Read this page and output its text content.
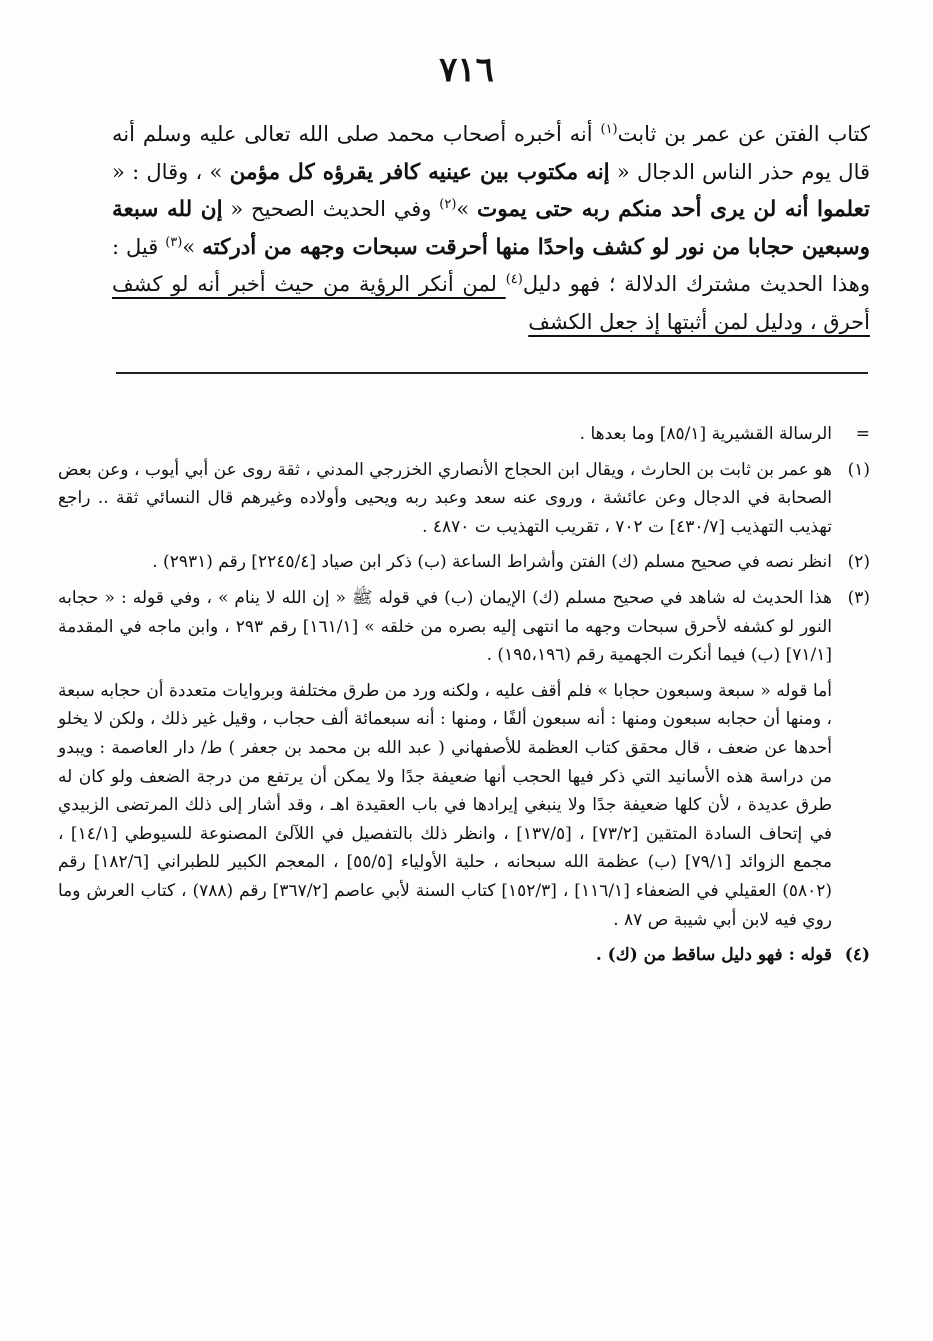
٧١٦

كتاب الفتن عن عمر بن ثابت$^{(١)}$ أنه أخبره أصحاب محمد صلى الله تعالى عليه وسلم أنه قال يوم حذر الناس الدجال « إنه مكتوب بين عينيه كافر يقرؤه كل مؤمن » ، وقال : « تعلموا أنه لن يرى أحد منكم ربه حتى يموت »$^{(٢)}$ وفي الحديث الصحيح « إن لله سبعة وسبعين حجابا من نور لو كشف واحدًا منها أحرقت سبحات وجهه من أدركته »$^{(٣)}$ قيل : وهذا الحديث مشترك الدلالة ؛ فهو دليل$^{(٤)}$ لمن أنكر الرؤية من حيث أخبر أنه لو كشف أحرق ، ودليل لمن أثبتها إذ جعل الكشف

=
الرسالة القشيرية [٨٥/١] وما بعدها .
(١)
هو عمر بن ثابت بن الحارث ، ويقال ابن الحجاج الأنصاري الخزرجي المدني ، ثقة روى عن أبي أيوب ، وعن بعض الصحابة في الدجال وعن عائشة ، وروى عنه سعد وعبد ربه ويحيى وأولاده وغيرهم قال النسائي ثقة .. راجع تهذيب التهذيب [٤٣٠/٧] ت ٧٠٢ ، تقريب التهذيب ت ٤٨٧٠ .
(٢)
انظر نصه في صحيح مسلم (ك) الفتن وأشراط الساعة (ب) ذكر ابن صياد [٢٢٤٥/٤] رقم (٢٩٣١) .
(٣)
هذا الحديث له شاهد في صحيح مسلم (ك) الإيمان (ب) في قوله ﷺ « إن الله لا ينام » ، وفي قوله : « حجابه النور لو كشفه لأحرق سبحات وجهه ما انتهى إليه بصره من خلقه » [١٦١/١] رقم ٢٩٣ ، وابن ماجه في المقدمة [٧١/١] (ب) فيما أنكرت الجهمية رقم (١٩٥،١٩٦) .
أما قوله « سبعة وسبعون حجابا » فلم أقف عليه ، ولكنه ورد من طرق مختلفة وبروايات متعددة أن حجابه سبعة ، ومنها أن حجابه سبعون ومنها : أنه سبعون ألفًا ، ومنها : أنه سبعمائة ألف حجاب ، وقيل غير ذلك ، ولكن لا يخلو أحدها عن ضعف ، قال محقق كتاب العظمة للأصفهاني ( عبد الله بن محمد بن جعفر ) ط/ دار العاصمة : ويبدو من دراسة هذه الأسانيد التي ذكر فيها الحجب أنها ضعيفة جدًا ولا يمكن أن يرتفع من درجة الضعف ولو كان له طرق عديدة ، لأن كلها ضعيفة جدًا ولا ينبغي إيرادها في باب العقيدة اهـ ، وقد أشار إلى ذلك المرتضى الزبيدي في إتحاف السادة المتقين [٧٣/٢] ، [١٣٧/٥] ، وانظر ذلك بالتفصيل في اللآلئ المصنوعة للسيوطي [١٤/١] ، مجمع الزوائد [٧٩/١] (ب) عظمة الله سبحانه ، حلية الأولياء [٥٥/٥] ، المعجم الكبير للطبراني [١٨٢/٦] رقم (٥٨٠٢) العقيلي في الضعفاء [١١٦/١] ، [١٥٢/٣] كتاب السنة لأبي عاصم [٣٦٧/٢] رقم (٧٨٨) ، كتاب العرش وما روي فيه لابن أبي شيبة ص ٨٧ .
(٤)
قوله : فهو دليل ساقط من (ك) .
